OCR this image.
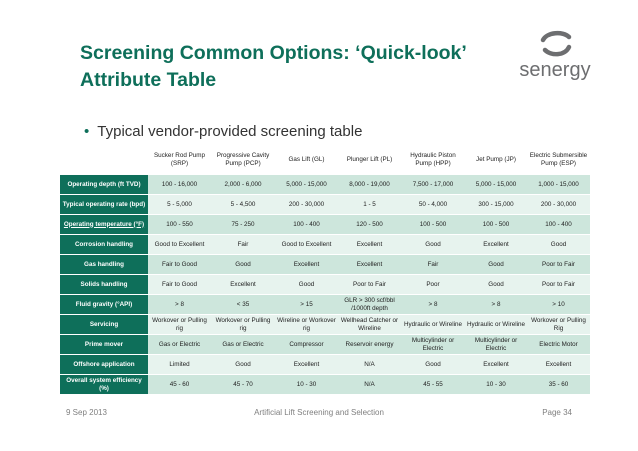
Screening Common Options: ‘Quick-look’ Attribute Table	senergy
• Typical vendor-provided screening table
	Sucker Rod Pump (SRP)	Progressive Cavity Pump (PCP)	Gas Lift (GL)	Plunger Lift (PL)	Hydraulic Piston Pump (HPP)	Jet Pump (JP)	Electric Submersible Pump (ESP)
Operating depth (ft TVD)	100 - 16,000	2,000 - 6,000	5,000 - 15,000	8,000 - 19,000	7,500 - 17,000	5,000 - 15,000	1,000 - 15,000
Typical operating rate (bpd)	5 - 5,000	5 - 4,500	200 - 30,000	1 - 5	50 - 4,000	300 - 15,000	200 - 30,000
Operating temperature (°F)	100 - 550	75 - 250	100 - 400	120 - 500	100 - 500	100 - 500	100 - 400
Corrosion handling	Good to Excellent	Fair	Good to Excellent	Excellent	Good	Excellent	Good
Gas handling	Fair to Good	Good	Excellent	Excellent	Fair	Good	Poor to Fair
Solids handling	Fair to Good	Excellent	Good	Poor to Fair	Poor	Good	Poor to Fair
Fluid gravity (°API)	> 8	< 35	> 15	GLR > 300 scf/bbl /1000ft depth	> 8	> 8	> 10
Servicing	Workover or Pulling rig	Workover or Pulling rig	Wireline or Workover rig	Wellhead Catcher or Wireline	Hydraulic or Wireline	Hydraulic or Wireline	Workover or Pulling Rig
Prime mover	Gas or Electric	Gas or Electric	Compressor	Reservoir energy	Multicylinder or Electric	Multicylinder or Electric	Electric Motor
Offshore application	Limited	Good	Excellent	N/A	Good	Excellent	Excellent
Overall system efficiency (%)	45 - 60	45 - 70	10 - 30	N/A	45 - 55	10 - 30	35 - 60
9 Sep 2013	Artificial Lift Screening and Selection	Page 34
